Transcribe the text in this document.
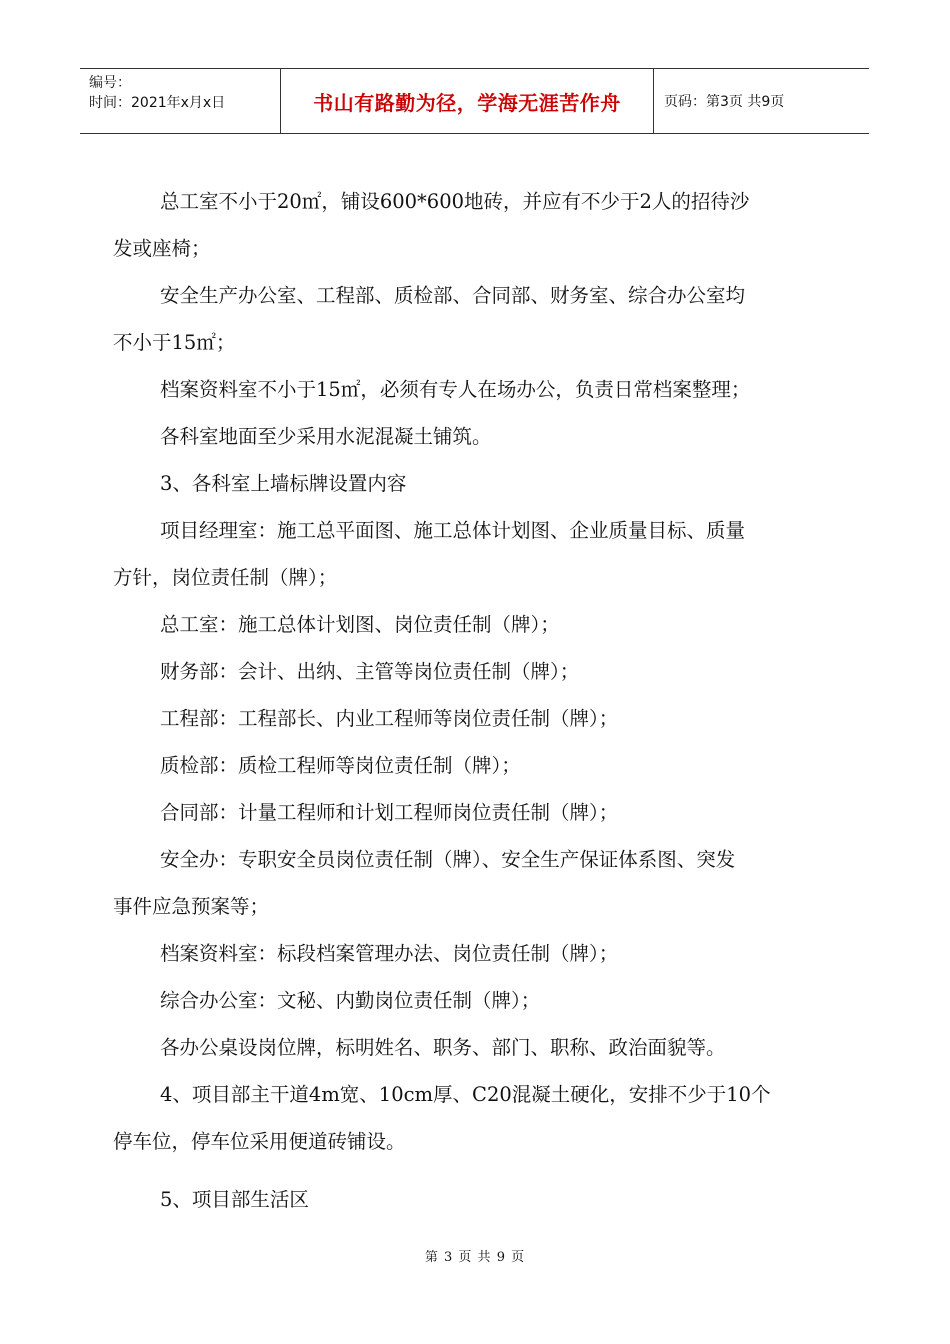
编号：
时间：2021年x月x日	书山有路勤为径，学海无涯苦作舟	页码：第3页 共9页
总工室不小于20㎡，铺设600*600地砖，并应有不少于2人的招待沙
发或座椅；
安全生产办公室、工程部、质检部、合同部、财务室、综合办公室均
不小于15㎡；
档案资料室不小于15㎡，必须有专人在场办公，负责日常档案整理；
各科室地面至少采用水泥混凝土铺筑。
3、各科室上墙标牌设置内容
项目经理室：施工总平面图、施工总体计划图、企业质量目标、质量
方针，岗位责任制（牌）；
总工室：施工总体计划图、岗位责任制（牌）；
财务部：会计、出纳、主管等岗位责任制（牌）；
工程部：工程部长、内业工程师等岗位责任制（牌）；
质检部：质检工程师等岗位责任制（牌）；
合同部：计量工程师和计划工程师岗位责任制（牌）；
安全办：专职安全员岗位责任制（牌）、安全生产保证体系图、突发
事件应急预案等；
档案资料室：标段档案管理办法、岗位责任制（牌）；
综合办公室：文秘、内勤岗位责任制（牌）；
各办公桌设岗位牌，标明姓名、职务、部门、职称、政治面貌等。
4、项目部主干道4m宽、10cm厚、C20混凝土硬化，安排不少于10个
停车位，停车位采用便道砖铺设。
5、项目部生活区
第 3 页 共 9 页
